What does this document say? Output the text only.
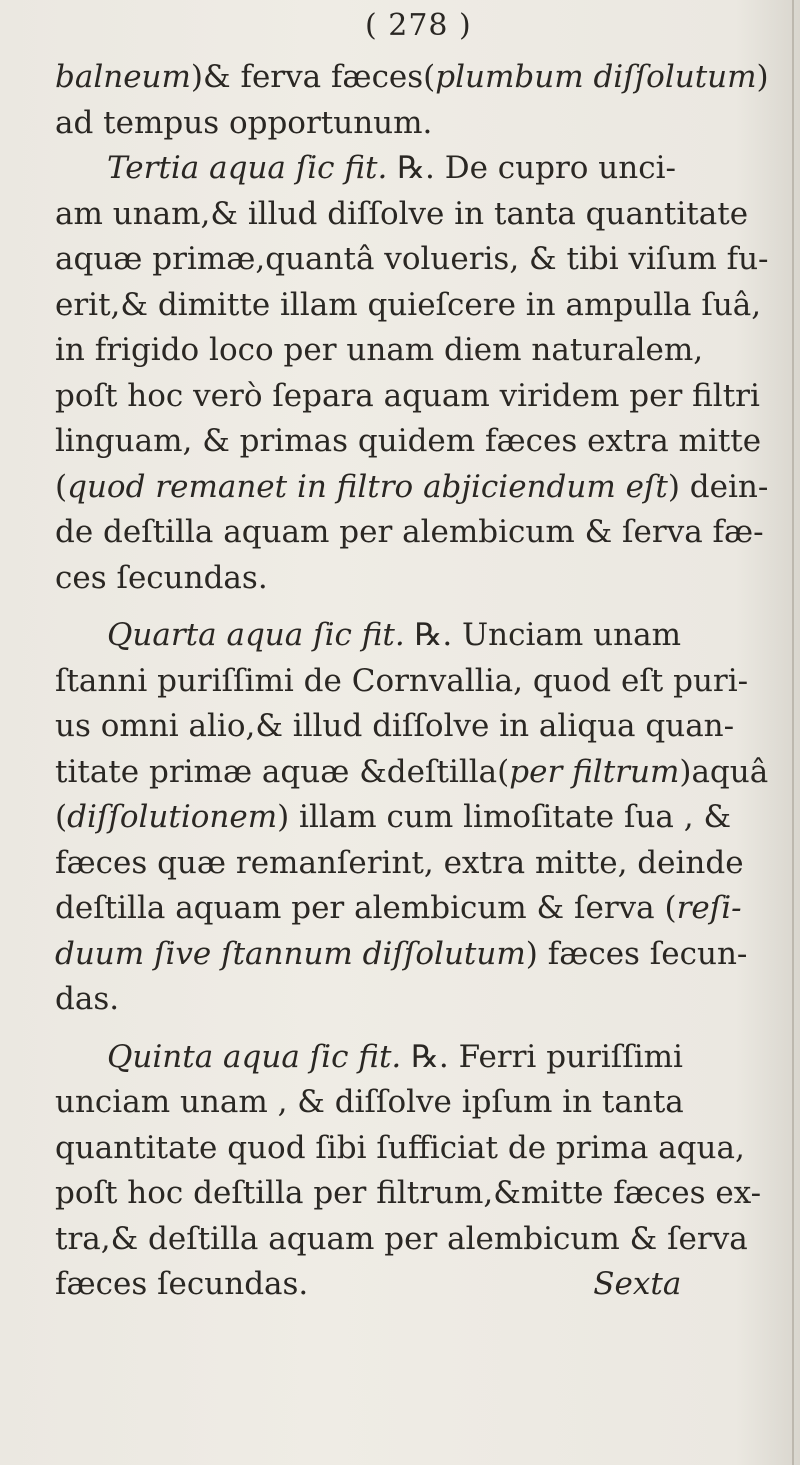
( 278 )
balneum)& ferva fæces(plumbum diſſolutum)
ad tempus opportunum.
Tertia aqua ſic fit. ℞. De cupro unci-
am unam,& illud diſſolve in tanta quantitate
aquæ primæ,quantâ volueris, & tibi viſum fu-
erit,& dimitte illam quieſcere in ampulla ſuâ,
in frigido loco per unam diem naturalem,
poſt hoc verò ſepara aquam viridem per filtri
linguam, & primas quidem fæces extra mitte
(quod remanet in filtro abjiciendum eſt) dein-
de deſtilla aquam per alembicum & ſerva fæ-
ces ſecundas.
Quarta aqua ſic fit. ℞. Unciam unam
ſtanni puriſſimi de Cornvallia, quod eſt puri-
us omni alio,& illud diſſolve in aliqua quan-
titate primæ aquæ &deſtilla(per filtrum)aquâ
(diſſolutionem) illam cum limoſitate ſua , &
fæces quæ remanſerint, extra mitte, deinde
deſtilla aquam per alembicum & ſerva (reſi-
duum ſive ſtannum diſſolutum) fæces ſecun-
das.
Quinta aqua ſic fit. ℞. Ferri puriſſimi
unciam unam , & diſſolve ipſum in tanta
quantitate quod ſibi ſufficiat de prima aqua,
poſt hoc deſtilla per filtrum,&mitte fæces ex-
tra,& deſtilla aquam per alembicum & ſerva
fæces ſecundas.	Sexta
